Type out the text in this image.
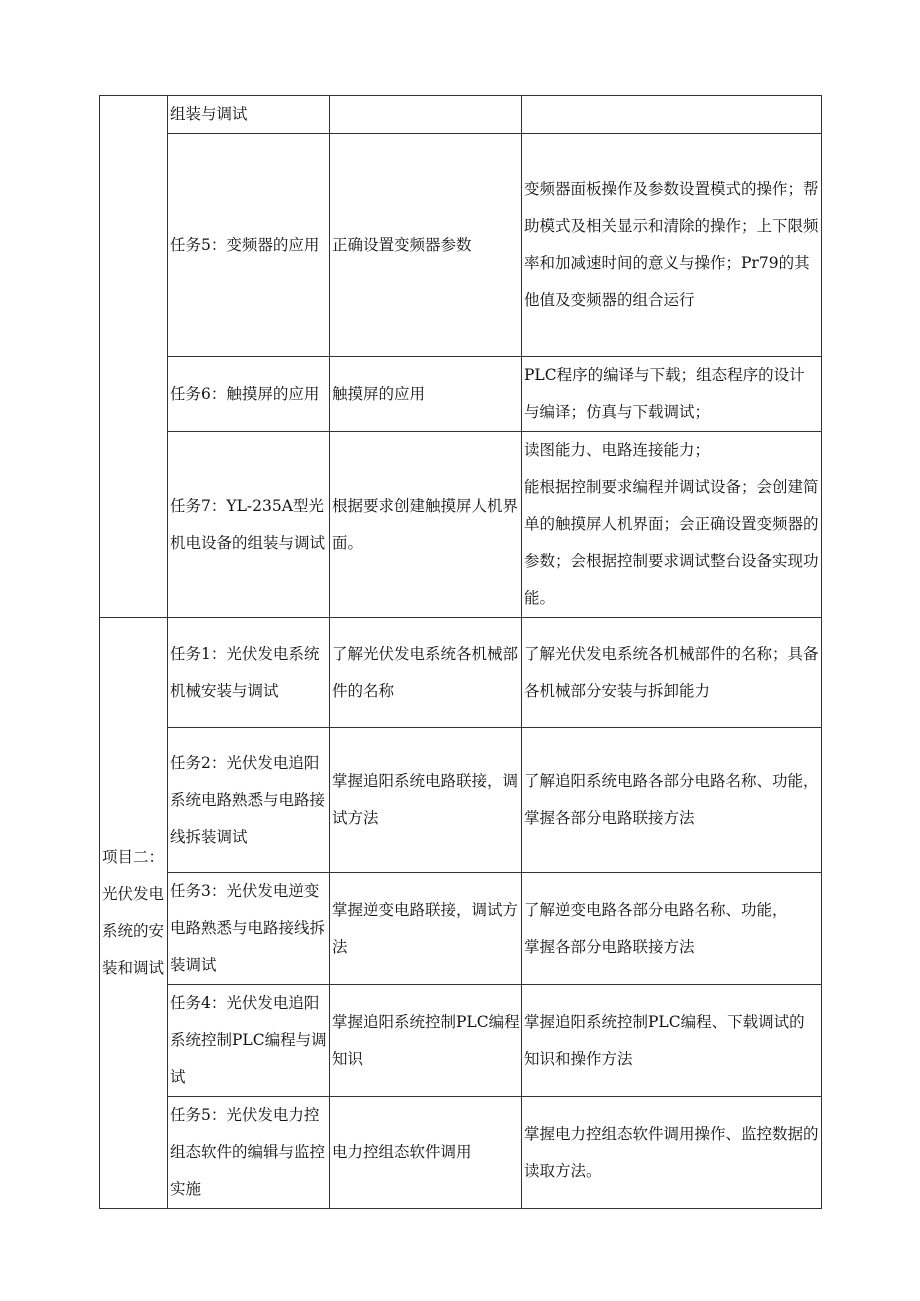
	组装与调试		
	任务5：变频器的应用	正确设置变频器参数	变频器面板操作及参数设置模式的操作；帮助模式及相关显示和清除的操作；上下限频率和加减速时间的意义与操作；Pr79的其他值及变频器的组合运行
	任务6：触摸屏的应用	触摸屏的应用	PLC程序的编译与下载；组态程序的设计与编译；仿真与下载调试；
	任务7：YL-235A型光机电设备的组装与调试	根据要求创建触摸屏人机界面。	读图能力、电路连接能力；
能根据控制要求编程并调试设备；会创建简单的触摸屏人机界面；会正确设置变频器的参数；会根据控制要求调试整台设备实现功能。
项目二：光伏发电系统的安装和调试	任务1：光伏发电系统机械安装与调试	了解光伏发电系统各机械部件的名称	了解光伏发电系统各机械部件的名称；具备各机械部分安装与拆卸能力
	任务2：光伏发电追阳系统电路熟悉与电路接线拆装调试	掌握追阳系统电路联接，调试方法	了解追阳系统电路各部分电路名称、功能，掌握各部分电路联接方法
	任务3：光伏发电逆变电路熟悉与电路接线拆装调试	掌握逆变电路联接，调试方法	了解逆变电路各部分电路名称、功能，
掌握各部分电路联接方法
	任务4：光伏发电追阳系统控制PLC编程与调试	掌握追阳系统控制PLC编程知识	掌握追阳系统控制PLC编程、下载调试的知识和操作方法
	任务5：光伏发电力控组态软件的编辑与监控实施	电力控组态软件调用	掌握电力控组态软件调用操作、监控数据的读取方法。
